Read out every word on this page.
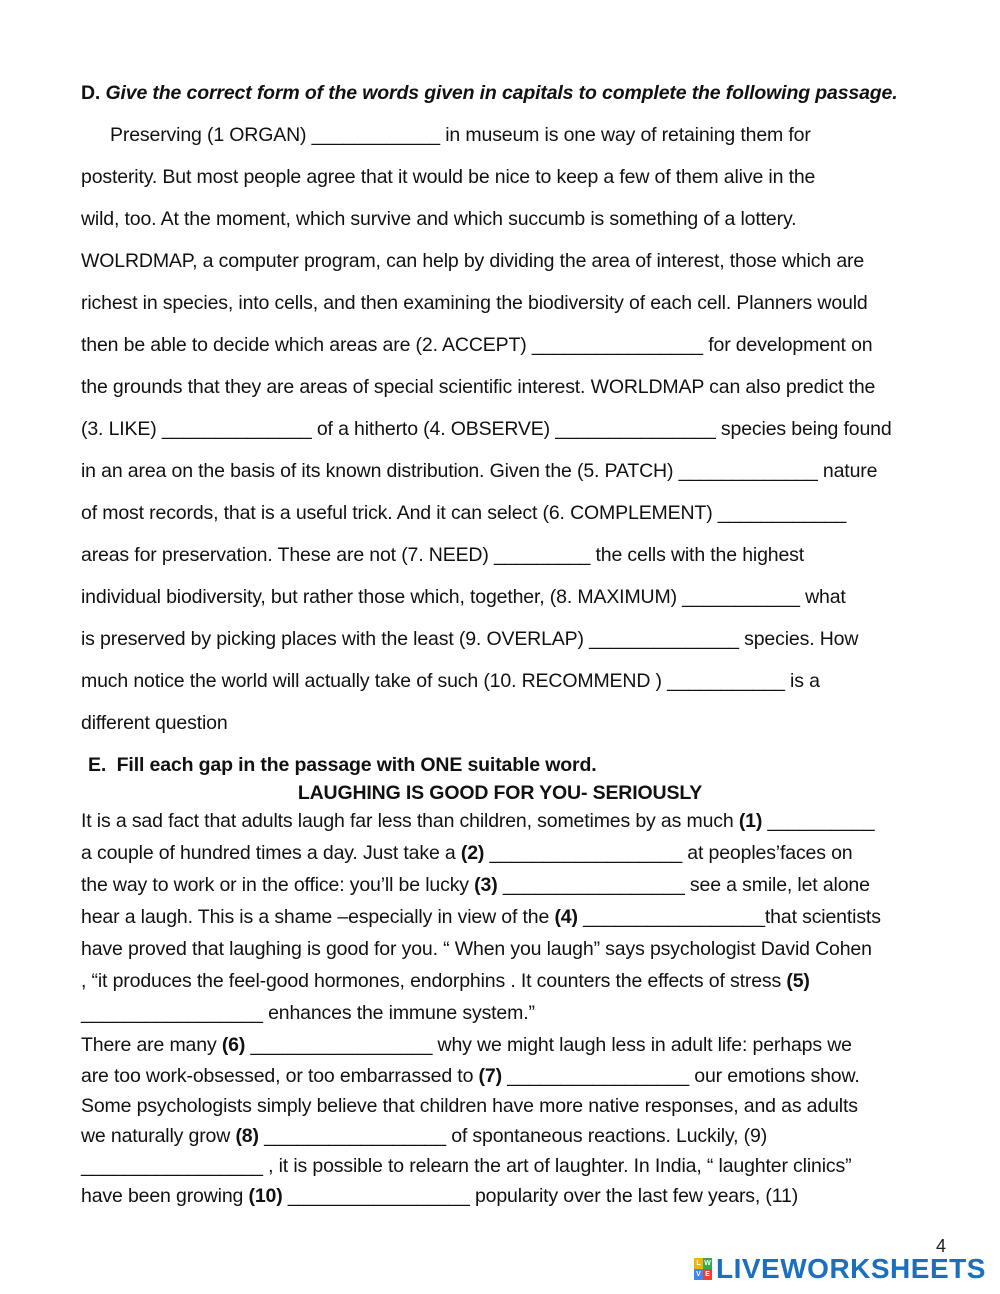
D. Give the correct form of the words given in capitals to complete the following passage.
Preserving (1 ORGAN) ____________ in museum is one way of retaining them for
posterity. But most people agree that it would be nice to keep a few of them alive in the
wild, too. At the moment, which survive and which succumb is something of a lottery.
WOLRDMAP, a computer program, can help by dividing the area of interest, those which are
richest in species, into cells, and then examining the biodiversity of each cell. Planners would
then be able to decide which areas are (2. ACCEPT) ________________ for development on
the grounds that they are areas of special scientific interest. WORLDMAP can also predict the
(3. LIKE) ______________ of a hitherto (4. OBSERVE) _______________ species being found
in an area on the basis of its known distribution. Given the (5. PATCH) _____________ nature
of most records, that is a useful trick. And it can select (6. COMPLEMENT) ____________
areas for preservation. These are not (7. NEED) _________ the cells with the highest
individual biodiversity, but rather those which, together, (8. MAXIMUM) ___________ what
is preserved by picking places with the least (9. OVERLAP) ______________ species. How
much notice the world will actually take of such (10. RECOMMEND ) ___________ is a
different question
E. Fill each gap in the passage with ONE suitable word.
LAUGHING IS GOOD FOR YOU- SERIOUSLY
It is a sad fact that adults laugh far less than children, sometimes by as much (1) __________
a couple of hundred times a day. Just take a (2) __________________ at peoples’faces on
the way to work or in the office: you’ll be lucky (3) _________________ see a smile, let alone
hear a laugh. This is a shame –especially in view of the (4) _________________that scientists
have proved that laughing is good for you. “ When you laugh” says psychologist David Cohen
, “it produces the feel-good hormones, endorphins . It counters the effects of stress (5)
_________________ enhances the immune system.”
There are many (6) _________________ why we might laugh less in adult life: perhaps we
are too work-obsessed, or too embarrassed to (7) _________________ our emotions show.
Some psychologists simply believe that children have more native responses, and as adults
we naturally grow (8) _________________ of spontaneous reactions. Luckily, (9)
_________________ , it is possible to relearn the art of laughter. In India, “ laughter clinics”
have been growing (10) _________________ popularity over the last few years, (11)
4
L W
V E LIVEWORKSHEETS
